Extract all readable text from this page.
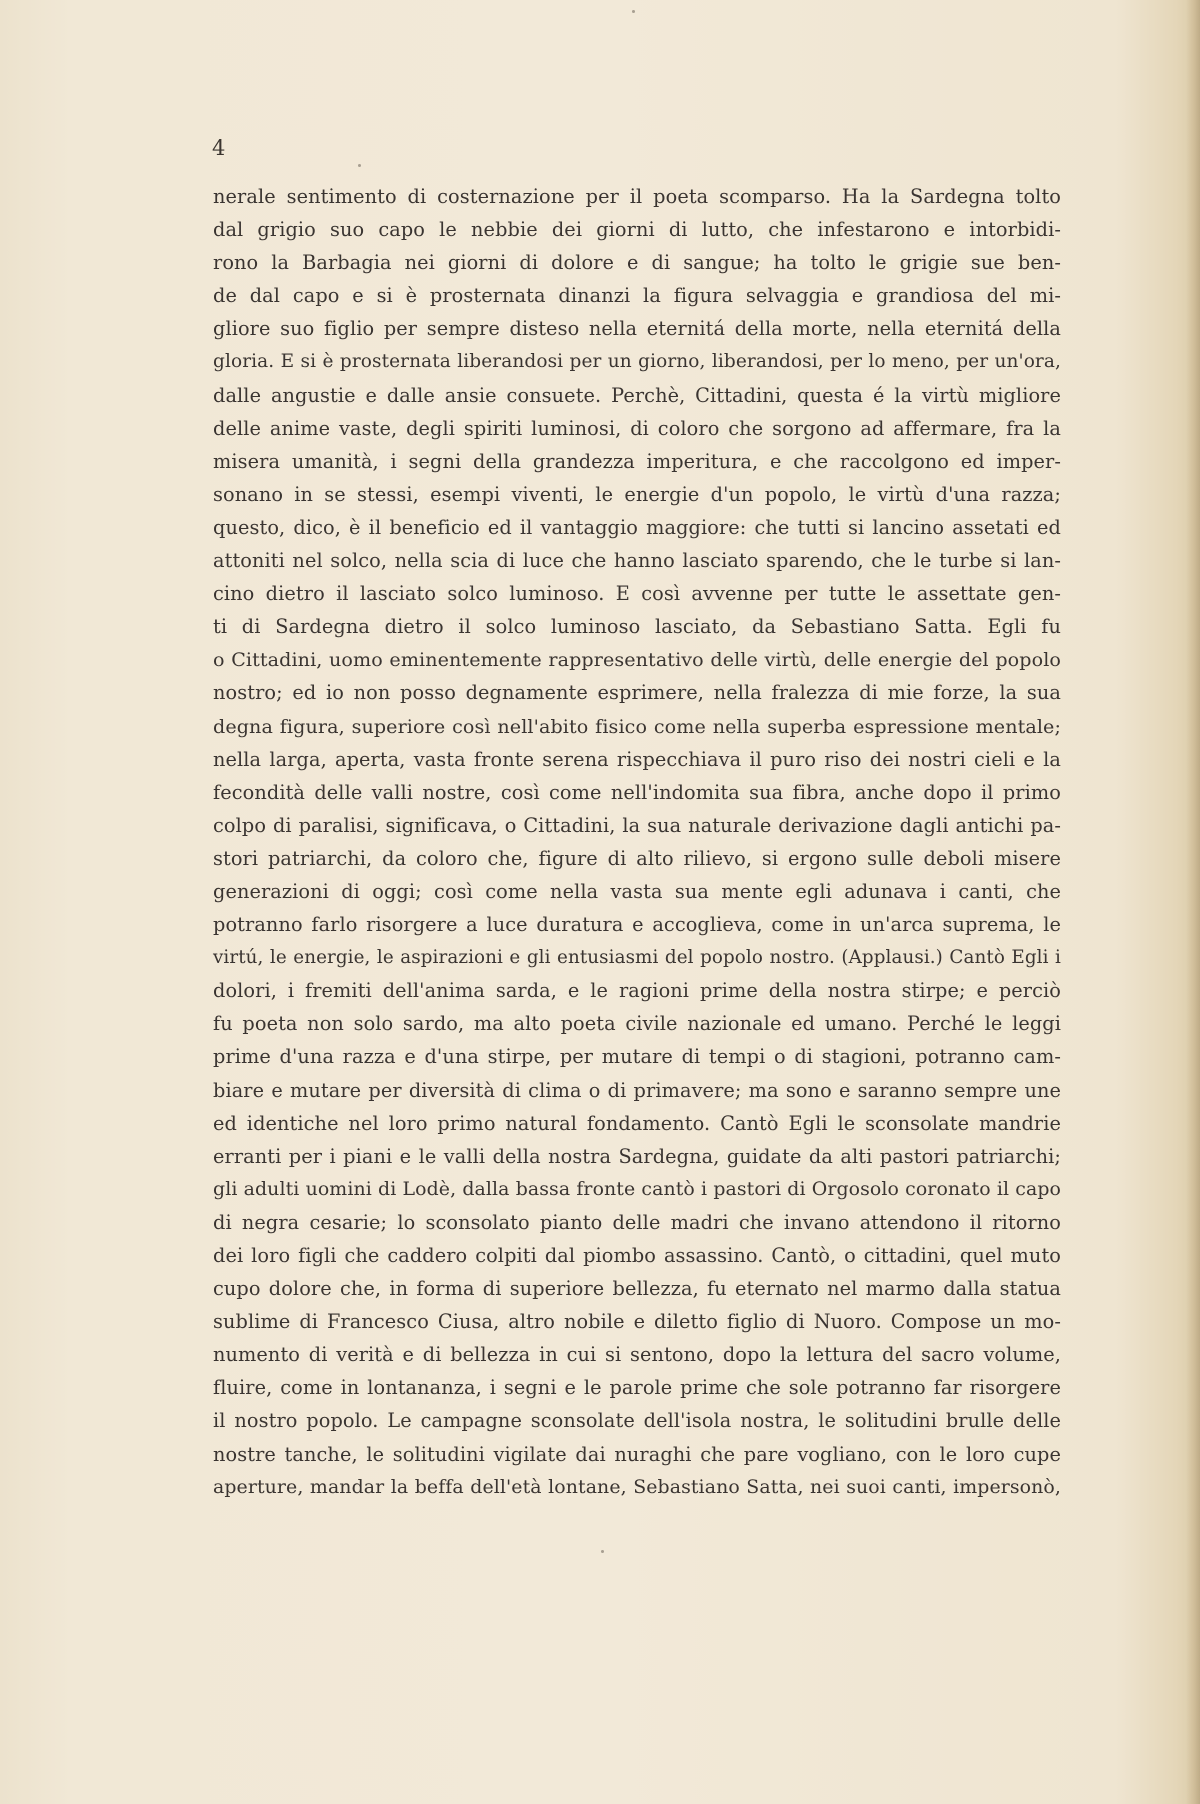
4
nerale sentimento di costernazione per il poeta scomparso. Ha la Sardegna tolto
dal grigio suo capo le nebbie dei giorni di lutto, che infestarono e intorbidi-
rono la Barbagia nei giorni di dolore e di sangue; ha tolto le grigie sue ben-
de dal capo e si è prosternata dinanzi la figura selvaggia e grandiosa del mi-
gliore suo figlio per sempre disteso nella eternitá della morte, nella eternitá della
gloria. E si è prosternata liberandosi per un giorno, liberandosi, per lo meno, per un'ora,
dalle angustie e dalle ansie consuete. Perchè, Cittadini, questa é la virtù migliore
delle anime vaste, degli spiriti luminosi, di coloro che sorgono ad affermare, fra la
misera umanità, i segni della grandezza imperitura, e che raccolgono ed imper-
sonano in se stessi, esempi viventi, le energie d'un popolo, le virtù d'una razza;
questo, dico, è il beneficio ed il vantaggio maggiore: che tutti si lancino assetati ed
attoniti nel solco, nella scia di luce che hanno lasciato sparendo, che le turbe si lan-
cino dietro il lasciato solco luminoso. E così avvenne per tutte le assettate gen-
ti di Sardegna dietro il solco luminoso lasciato, da Sebastiano Satta. Egli fu
o Cittadini, uomo eminentemente rappresentativo delle virtù, delle energie del popolo
nostro; ed io non posso degnamente esprimere, nella fralezza di mie forze, la sua
degna figura, superiore così nell'abito fisico come nella superba espressione mentale;
nella larga, aperta, vasta fronte serena rispecchiava il puro riso dei nostri cieli e la
fecondità delle valli nostre, così come nell'indomita sua fibra, anche dopo il primo
colpo di paralisi, significava, o Cittadini, la sua naturale derivazione dagli antichi pa-
stori patriarchi, da coloro che, figure di alto rilievo, si ergono sulle deboli misere
generazioni di oggi; così come nella vasta sua mente egli adunava i canti, che
potranno farlo risorgere a luce duratura e accoglieva, come in un'arca suprema, le
virtú, le energie, le aspirazioni e gli entusiasmi del popolo nostro. (Applausi.) Cantò Egli i
dolori, i fremiti dell'anima sarda, e le ragioni prime della nostra stirpe; e perciò
fu poeta non solo sardo, ma alto poeta civile nazionale ed umano. Perché le leggi
prime d'una razza e d'una stirpe, per mutare di tempi o di stagioni, potranno cam-
biare e mutare per diversità di clima o di primavere; ma sono e saranno sempre une
ed identiche nel loro primo natural fondamento. Cantò Egli le sconsolate mandrie
erranti per i piani e le valli della nostra Sardegna, guidate da alti pastori patriarchi;
gli adulti uomini di Lodè, dalla bassa fronte cantò i pastori di Orgosolo coronato il capo
di negra cesarie; lo sconsolato pianto delle madri che invano attendono il ritorno
dei loro figli che caddero colpiti dal piombo assassino. Cantò, o cittadini, quel muto
cupo dolore che, in forma di superiore bellezza, fu eternato nel marmo dalla statua
sublime di Francesco Ciusa, altro nobile e diletto figlio di Nuoro. Compose un mo-
numento di verità e di bellezza in cui si sentono, dopo la lettura del sacro volume,
fluire, come in lontananza, i segni e le parole prime che sole potranno far risorgere
il nostro popolo. Le campagne sconsolate dell'isola nostra, le solitudini brulle delle
nostre tanche, le solitudini vigilate dai nuraghi che pare vogliano, con le loro cupe
aperture, mandar la beffa dell'età lontane, Sebastiano Satta, nei suoi canti, impersonò,
